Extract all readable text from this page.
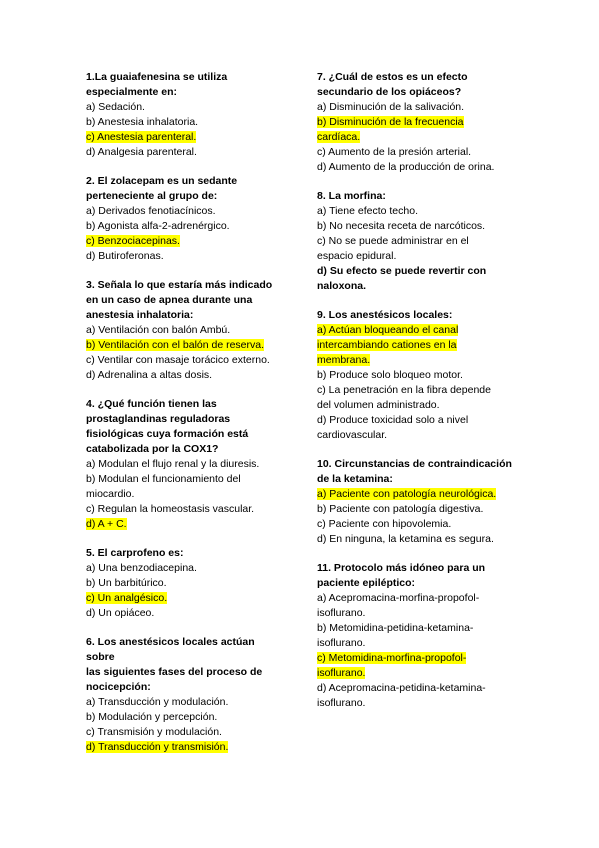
1.La guaiafenesina se utiliza
especialmente en:
a) Sedación.
b) Anestesia inhalatoria.
c) Anestesia parenteral.
d) Analgesia parenteral.
2. El zolacepam es un sedante
perteneciente al grupo de:
a) Derivados fenotiacínicos.
b) Agonista alfa-2-adrenérgico.
c) Benzociacepinas.
d) Butiroferonas.
3. Señala lo que estaría más indicado
en un caso de apnea durante una
anestesia inhalatoria:
a) Ventilación con balón Ambú.
b) Ventilación con el balón de reserva.
c) Ventilar con masaje torácico externo.
d) Adrenalina a altas dosis.
4. ¿Qué función tienen las
prostaglandinas reguladoras
fisiológicas cuya formación está
catabolizada por la COX1?
a) Modulan el flujo renal y la diuresis.
b) Modulan el funcionamiento del
miocardio.
c) Regulan la homeostasis vascular.
d) A + C.
5. El carprofeno es:
a) Una benzodiacepina.
b) Un barbitúrico.
c) Un analgésico.
d) Un opiáceo.
6. Los anestésicos locales actúan sobre
las siguientes fases del proceso de
nocicepción:
a) Transducción y modulación.
b) Modulación y percepción.
c) Transmisión y modulación.
d) Transducción y transmisión.
7. ¿Cuál de estos es un efecto
secundario de los opiáceos?
a) Disminución de la salivación.
b) Disminución de la frecuencia
cardíaca.
c) Aumento de la presión arterial.
d) Aumento de la producción de orina.
8. La morfina:
a) Tiene efecto techo.
b) No necesita receta de narcóticos.
c) No se puede administrar en el
espacio epidural.
d) Su efecto se puede revertir con
naloxona.
9. Los anestésicos locales:
a) Actúan bloqueando el canal
intercambiando cationes en la
membrana.
b) Produce solo bloqueo motor.
c) La penetración en la fibra depende
del volumen administrado.
d) Produce toxicidad solo a nivel
cardiovascular.
10. Circunstancias de contraindicación
de la ketamina:
a) Paciente con patología neurológica.
b) Paciente con patología digestiva.
c) Paciente con hipovolemia.
d) En ninguna, la ketamina es segura.
11. Protocolo más idóneo para un
paciente epiléptico:
a) Acepromacina-morfina-propofol-
isoflurano.
b) Metomidina-petidina-ketamina-
isoflurano.
c) Metomidina-morfina-propofol-
isoflurano.
d) Acepromacina-petidina-ketamina-
isoflurano.
